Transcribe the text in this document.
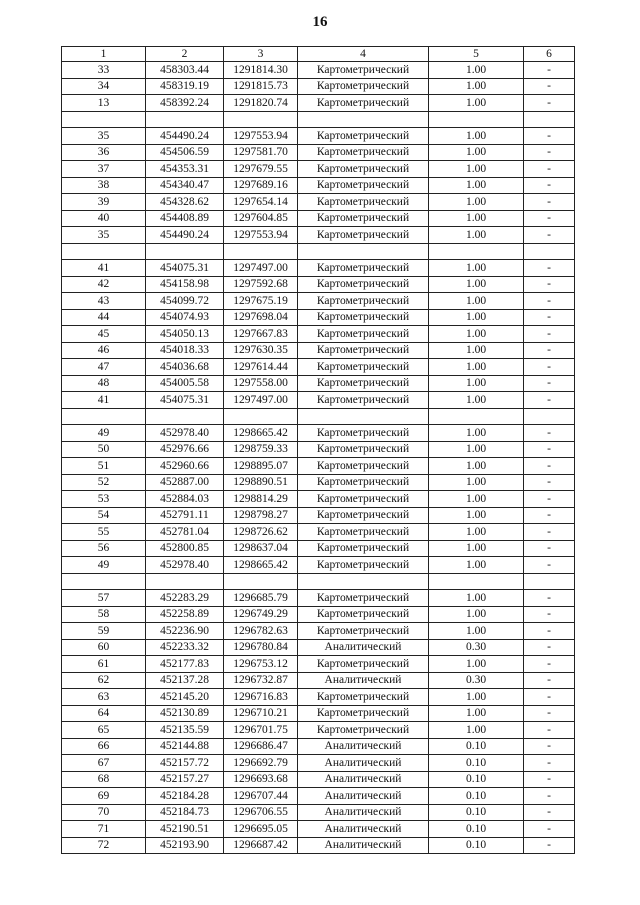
16
1	2	3	4	5	6
33	458303.44	1291814.30	Картометрический	1.00	-
34	458319.19	1291815.73	Картометрический	1.00	-
13	458392.24	1291820.74	Картометрический	1.00	-

35	454490.24	1297553.94	Картометрический	1.00	-
36	454506.59	1297581.70	Картометрический	1.00	-
37	454353.31	1297679.55	Картометрический	1.00	-
38	454340.47	1297689.16	Картометрический	1.00	-
39	454328.62	1297654.14	Картометрический	1.00	-
40	454408.89	1297604.85	Картометрический	1.00	-
35	454490.24	1297553.94	Картометрический	1.00	-

41	454075.31	1297497.00	Картометрический	1.00	-
42	454158.98	1297592.68	Картометрический	1.00	-
43	454099.72	1297675.19	Картометрический	1.00	-
44	454074.93	1297698.04	Картометрический	1.00	-
45	454050.13	1297667.83	Картометрический	1.00	-
46	454018.33	1297630.35	Картометрический	1.00	-
47	454036.68	1297614.44	Картометрический	1.00	-
48	454005.58	1297558.00	Картометрический	1.00	-
41	454075.31	1297497.00	Картометрический	1.00	-

49	452978.40	1298665.42	Картометрический	1.00	-
50	452976.66	1298759.33	Картометрический	1.00	-
51	452960.66	1298895.07	Картометрический	1.00	-
52	452887.00	1298890.51	Картометрический	1.00	-
53	452884.03	1298814.29	Картометрический	1.00	-
54	452791.11	1298798.27	Картометрический	1.00	-
55	452781.04	1298726.62	Картометрический	1.00	-
56	452800.85	1298637.04	Картометрический	1.00	-
49	452978.40	1298665.42	Картометрический	1.00	-

57	452283.29	1296685.79	Картометрический	1.00	-
58	452258.89	1296749.29	Картометрический	1.00	-
59	452236.90	1296782.63	Картометрический	1.00	-
60	452233.32	1296780.84	Аналитический	0.30	-
61	452177.83	1296753.12	Картометрический	1.00	-
62	452137.28	1296732.87	Аналитический	0.30	-
63	452145.20	1296716.83	Картометрический	1.00	-
64	452130.89	1296710.21	Картометрический	1.00	-
65	452135.59	1296701.75	Картометрический	1.00	-
66	452144.88	1296686.47	Аналитический	0.10	-
67	452157.72	1296692.79	Аналитический	0.10	-
68	452157.27	1296693.68	Аналитический	0.10	-
69	452184.28	1296707.44	Аналитический	0.10	-
70	452184.73	1296706.55	Аналитический	0.10	-
71	452190.51	1296695.05	Аналитический	0.10	-
72	452193.90	1296687.42	Аналитический	0.10	-
